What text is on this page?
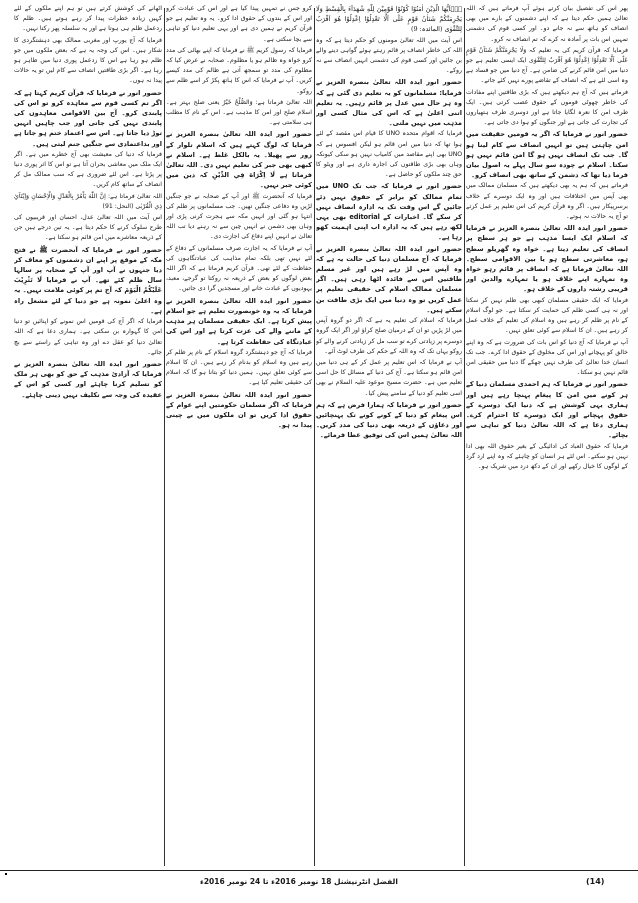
پھر اس کی تفصیل بیان کرتے ہوئے آپ فرماتے ہیں کہ اللہ تعالیٰ ہمیں حکم دیتا ہے کہ اپنے دشمنوں کے بارے میں بھی انصاف کو ہاتھ سے نہ جانے دو۔ اور کسی قوم کی دشمنی تمہیں اس بات پر آمادہ نہ کرے کہ تم انصاف نہ کرو۔

فرمایا کہ قرآن کریم کی یہ تعلیم کہ وَلَا يَجْرِمَنَّكُمْ شَنَآنُ قَوْمٍ عَلٰٓى اَلَّا تَعْدِلُوْا اِعْدِلُوْا هُوَ اَقْرَبُ لِلتَّقْوٰى ایک ایسی تعلیم ہے جو دنیا میں امن قائم کرنے کی ضامن ہے۔ آج دنیا میں جو فساد ہے وہ اسی لئے ہے کہ انصاف کے تقاضے پورے نہیں کئے جاتے۔

فرماتے ہیں کہ آج ہم دیکھتے ہیں کہ بڑی طاقتیں اپنے مفادات کی خاطر چھوٹی قوموں کے حقوق غصب کرتی ہیں۔ ایک طرف امن کا نعرہ لگایا جاتا ہے اور دوسری طرف ہتھیاروں کی تجارت کی جاتی ہے اور جنگوں کو ہوا دی جاتی ہے۔

حضور انور نے فرمایا کہ اگر یہ قومیں حقیقت میں امن چاہتی ہیں تو انہیں انصاف سے کام لینا ہو گا۔ جب تک انصاف نہیں ہو گا امن قائم نہیں ہو سکتا۔ اسلام نے چودہ سو سال پہلے یہ اصول بیان فرما دیا تھا کہ دشمن کے ساتھ بھی انصاف کرو۔

فرماتے ہیں کہ ہم یہ بھی دیکھتے ہیں کہ مسلمان ممالک میں بھی آپس میں اختلافات ہیں اور وہ ایک دوسرے کے خلاف برسرپیکار ہیں۔ اگر وہ قرآن کریم کی اس تعلیم پر عمل کرتے تو آج یہ حالات نہ ہوتے۔

حضور انور ایدہ اللہ تعالیٰ بنصرہ العزیز نے فرمایا کہ اسلام ایک ایسا مذہب ہے جو ہر سطح پر انصاف کی تعلیم دیتا ہے۔ خواہ وہ گھریلو سطح ہو، معاشرتی سطح ہو یا بین الاقوامی سطح۔ اللہ تعالیٰ فرماتا ہے کہ انصاف پر قائم رہو خواہ وہ تمہارے اپنے خلاف ہو یا تمہارے والدین اور قریبی رشتہ داروں کے خلاف ہو۔

فرمایا کہ ایک حقیقی مسلمان کبھی بھی ظلم نہیں کر سکتا اور نہ ہی کسی ظلم کی حمایت کر سکتا ہے۔ جو لوگ اسلام کے نام پر ظلم کر رہے ہیں وہ اسلام کی تعلیم کے خلاف عمل کر رہے ہیں۔ ان کا اسلام سے کوئی تعلق نہیں۔

آپ نے فرمایا کہ آج دنیا کو اس بات کی ضرورت ہے کہ وہ اپنے خالق کو پہچانے اور اس کی مخلوق کے حقوق ادا کرے۔ جب تک انسان خدا تعالیٰ کی طرف نہیں جھکے گا دنیا میں حقیقی امن قائم نہیں ہو سکتا۔

حضور انور نے فرمایا کہ ہم احمدی مسلمان دنیا کے ہر کونے میں امن کا پیغام پہنچا رہے ہیں اور ہماری یہی کوشش ہے کہ دنیا ایک دوسرے کے حقوق پہچانے اور ایک دوسرے کا احترام کرے۔ ہماری دعا ہے کہ اللہ تعالیٰ دنیا کو تباہی سے بچائے۔

فرمایا کہ حقوق العباد کی ادائیگی کے بغیر حقوق اللہ بھی ادا نہیں ہو سکتے۔ اس لئے ہر انسان کو چاہئے کہ وہ اپنے ارد گرد کے لوگوں کا خیال رکھے اور ان کے دکھ درد میں شریک ہو۔

يٰۤاَيُّهَا الَّذِيْنَ اٰمَنُوْا كُوْنُوْا قَوّٰمِيْنَ لِلّٰهِ شُهَدَآءَ بِالْقِسْطِ وَلَا يَجْرِمَنَّكُمْ شَنَاٰنُ قَوْمٍ عَلٰٓى اَلَّا تَعْدِلُوْا اِعْدِلُوْا هُوَ اَقْرَبُ لِلتَّقْوٰى (المائدہ: 9)

اس آیت میں اللہ تعالیٰ مومنوں کو حکم دیتا ہے کہ وہ اللہ کی خاطر انصاف پر قائم رہتے ہوئے گواہی دینے والے بن جائیں اور کسی قوم کی دشمنی انہیں انصاف سے نہ روکے۔

حضور انور ایدہ اللہ تعالیٰ بنصرہ العزیز نے فرمایا: مسلمانوں کو یہ تعلیم دی گئی ہے کہ وہ ہر حال میں عدل پر قائم رہیں۔ یہ تعلیم اتنی اعلیٰ ہے کہ اس کی مثال کسی اور مذہب میں نہیں ملتی۔

فرمایا کہ اقوام متحدہ UNO کا قیام اس مقصد کے لئے ہوا تھا کہ دنیا میں امن قائم ہو لیکن افسوس ہے کہ UNO بھی اپنے مقاصد میں کامیاب نہیں ہو سکی کیونکہ وہاں بھی بڑی طاقتوں کی اجارہ داری ہے اور ویٹو کا حق چند ملکوں کو حاصل ہے۔

حضور انور نے فرمایا کہ جب تک UNO میں تمام ممالک کو برابر کے حقوق نہیں دئے جائیں گے اس وقت تک یہ ادارہ انصاف نہیں کر سکے گا۔ اخبارات کے editorial بھی یہی لکھ رہے ہیں کہ یہ ادارہ اب اپنی اہمیت کھو رہا ہے۔

حضور انور ایدہ اللہ تعالیٰ بنصرہ العزیز نے فرمایا کہ آج مسلمان دنیا کی حالت یہ ہے کہ وہ آپس میں لڑ رہے ہیں اور غیر مسلم طاقتیں اس سے فائدہ اٹھا رہی ہیں۔ اگر مسلمان ممالک اسلام کی حقیقی تعلیم پر عمل کریں تو وہ دنیا میں ایک بڑی طاقت بن سکتے ہیں۔

فرمایا کہ اسلام کی تعلیم یہ ہے کہ اگر دو گروہ آپس میں لڑ پڑیں تو ان کے درمیان صلح کراؤ اور اگر ایک گروہ دوسرے پر زیادتی کرے تو سب مل کر زیادتی کرنے والے کو روکو یہاں تک کہ وہ اللہ کے حکم کی طرف لوٹ آئے۔

آپ نے فرمایا کہ اس تعلیم پر عمل کر کے ہی دنیا میں امن قائم ہو سکتا ہے۔ آج کی دنیا کے مسائل کا حل اسی تعلیم میں ہے۔ حضرت مسیح موعود علیہ السلام نے بھی اسی تعلیم کو دنیا کے سامنے پیش کیا۔

حضور انور نے فرمایا کہ ہمارا فرض ہے کہ ہم اس پیغام کو دنیا کے کونے کونے تک پہنچائیں اور دعاؤں کے ذریعہ بھی دنیا کی مدد کریں۔ اللہ تعالیٰ ہمیں اس کی توفیق عطا فرمائے۔

کرو جس نے تمہیں پیدا کیا ہے اور اس کی عبادت کرو اور اس کے بندوں کے حقوق ادا کرو۔ یہ وہ تعلیم ہے جو قرآن کریم نے ہمیں دی ہے اور یہی تعلیم دنیا کو تباہی سے بچا سکتی ہے۔

فرمایا کہ رسول کریم ﷺ نے فرمایا کہ اپنے بھائی کی مدد کرو خواہ وہ ظالم ہو یا مظلوم۔ صحابہ نے عرض کیا کہ مظلوم کی مدد تو سمجھ آتی ہے ظالم کی مدد کیسے کریں۔ آپ نے فرمایا کہ اس کا ہاتھ پکڑ کر اسے ظلم سے روکو۔

اللہ تعالیٰ فرماتا ہے: وَالصُّلْحُ خَيْرٌ یعنی صلح بہتر ہے۔ اسلام صلح اور امن کا مذہب ہے۔ اس کے نام کا مطلب ہی سلامتی ہے۔

حضور انور ایدہ اللہ تعالیٰ بنصرہ العزیز نے فرمایا کہ لوگ کہتے ہیں کہ اسلام تلوار کے زور سے پھیلا۔ یہ بالکل غلط ہے۔ اسلام نے کبھی بھی جبر کی تعلیم نہیں دی۔ اللہ تعالیٰ فرماتا ہے لَا اِكْرَاهَ فِي الدِّيْنِ کہ دین میں کوئی جبر نہیں۔

فرمایا کہ آنحضرت ﷺ اور آپ کے صحابہ نے جو جنگیں لڑیں وہ دفاعی جنگیں تھیں۔ جب مسلمانوں پر ظلم کی انتہا ہو گئی اور انہیں مکہ سے ہجرت کرنی پڑی اور وہاں بھی دشمن نے انہیں چین سے نہ رہنے دیا تب اللہ تعالیٰ نے انہیں اپنے دفاع کی اجازت دی۔

آپ نے فرمایا کہ یہ اجازت صرف مسلمانوں کے دفاع کے لئے نہیں تھی بلکہ تمام مذاہب کی عبادتگاہوں کی حفاظت کے لئے تھی۔ قرآن کریم فرماتا ہے کہ اگر اللہ بعض لوگوں کو بعض کے ذریعہ نہ روکتا تو گرجے، معبد، یہودیوں کے عبادت خانے اور مسجدیں گرا دی جاتیں۔

حضور انور ایدہ اللہ تعالیٰ بنصرہ العزیز نے فرمایا کہ یہ وہ خوبصورت تعلیم ہے جو اسلام پیش کرتا ہے۔ ایک حقیقی مسلمان ہر مذہب کے ماننے والے کی عزت کرتا ہے اور اس کی عبادتگاہ کی حفاظت کرتا ہے۔

فرمایا کہ آج جو دہشتگرد گروہ اسلام کے نام پر ظلم کر رہے ہیں وہ اسلام کو بدنام کر رہے ہیں۔ ان کا اسلام سے کوئی تعلق نہیں۔ ہمیں دنیا کو بتانا ہو گا کہ اسلام کی حقیقی تعلیم کیا ہے۔

حضور انور ایدہ اللہ تعالیٰ بنصرہ العزیز نے فرمایا کہ اگر مسلمان حکومتیں اپنے عوام کے حقوق ادا کریں تو ان ملکوں میں بے چینی پیدا نہ ہو۔

اٹھانے کی کوشش کرتے ہیں تو ہم اپنے ملکوں کے لئے کہیں زیادہ خطرات پیدا کر رہے ہوتے ہیں۔ ظلم کا ردعمل ظلم ہی ہوتا ہے اور یہ سلسلہ پھر رکتا نہیں۔

فرمایا کہ آج یورپ اور مغربی ممالک بھی دہشتگردی کا شکار ہیں۔ اس کی وجہ یہ ہے کہ بعض ملکوں میں جو ظلم ہو رہا ہے اس کا ردعمل پوری دنیا میں ظاہر ہو رہا ہے۔ اگر بڑی طاقتیں انصاف سے کام لیں تو یہ حالات پیدا نہ ہوں۔

حضور انور نے فرمایا کہ قرآن کریم کہتا ہے کہ اگر تم کسی قوم سے معاہدہ کرو تو اس کی پابندی کرو۔ آج بین الاقوامی معاہدوں کی پابندی نہیں کی جاتی اور جب چاہیں انہیں توڑ دیا جاتا ہے۔ اس سے اعتماد ختم ہو جاتا ہے اور بداعتمادی سے جنگیں جنم لیتی ہیں۔

فرمایا کہ دنیا کی معیشت بھی آج خطرے میں ہے۔ اگر ایک ملک میں معاشی بحران آتا ہے تو اس کا اثر پوری دنیا پر پڑتا ہے۔ اس لئے ضروری ہے کہ سب ممالک مل کر انصاف کے ساتھ کام کریں۔

اللہ تعالیٰ فرماتا ہے: اِنَّ اللّٰهَ يَاْمُرُ بِالْعَدْلِ وَالْاِحْسَانِ وَاِيْتَآئِ ذِي الْقُرْبٰى (النحل: 91)

اس آیت میں اللہ تعالیٰ عدل، احسان اور قریبیوں کی طرح سلوک کرنے کا حکم دیتا ہے۔ یہ تین درجے ہیں جن کے ذریعہ معاشرے میں امن قائم ہو سکتا ہے۔

حضور انور نے فرمایا کہ آنحضرت ﷺ نے فتح مکہ کے موقع پر اپنے ان دشمنوں کو معاف کر دیا جنہوں نے آپ اور آپ کے صحابہ پر سالہا سال ظلم کئے تھے۔ آپ نے فرمایا لَا تَثْرِيْبَ عَلَيْكُمُ الْيَوْمَ کہ آج تم پر کوئی ملامت نہیں۔ یہ وہ اعلیٰ نمونہ ہے جو دنیا کے لئے مشعل راہ ہے۔

فرمایا کہ اگر آج کی قومیں اس نمونے کو اپنائیں تو دنیا امن کا گہوارہ بن سکتی ہے۔ ہماری دعا ہے کہ اللہ تعالیٰ دنیا کو عقل دے اور وہ تباہی کے راستے سے بچ جائے۔

حضور انور ایدہ اللہ تعالیٰ بنصرہ العزیز نے فرمایا کہ آزادئ مذہب کے حق کو بھی ہر ملک کو تسلیم کرنا چاہئے اور کسی کو اس کے عقیدہ کی وجہ سے تکلیف نہیں دینی چاہئے۔

الفضل انٹرنیشنل 18 نومبر 2016ء تا 24 نومبر 2016ء	(14)
